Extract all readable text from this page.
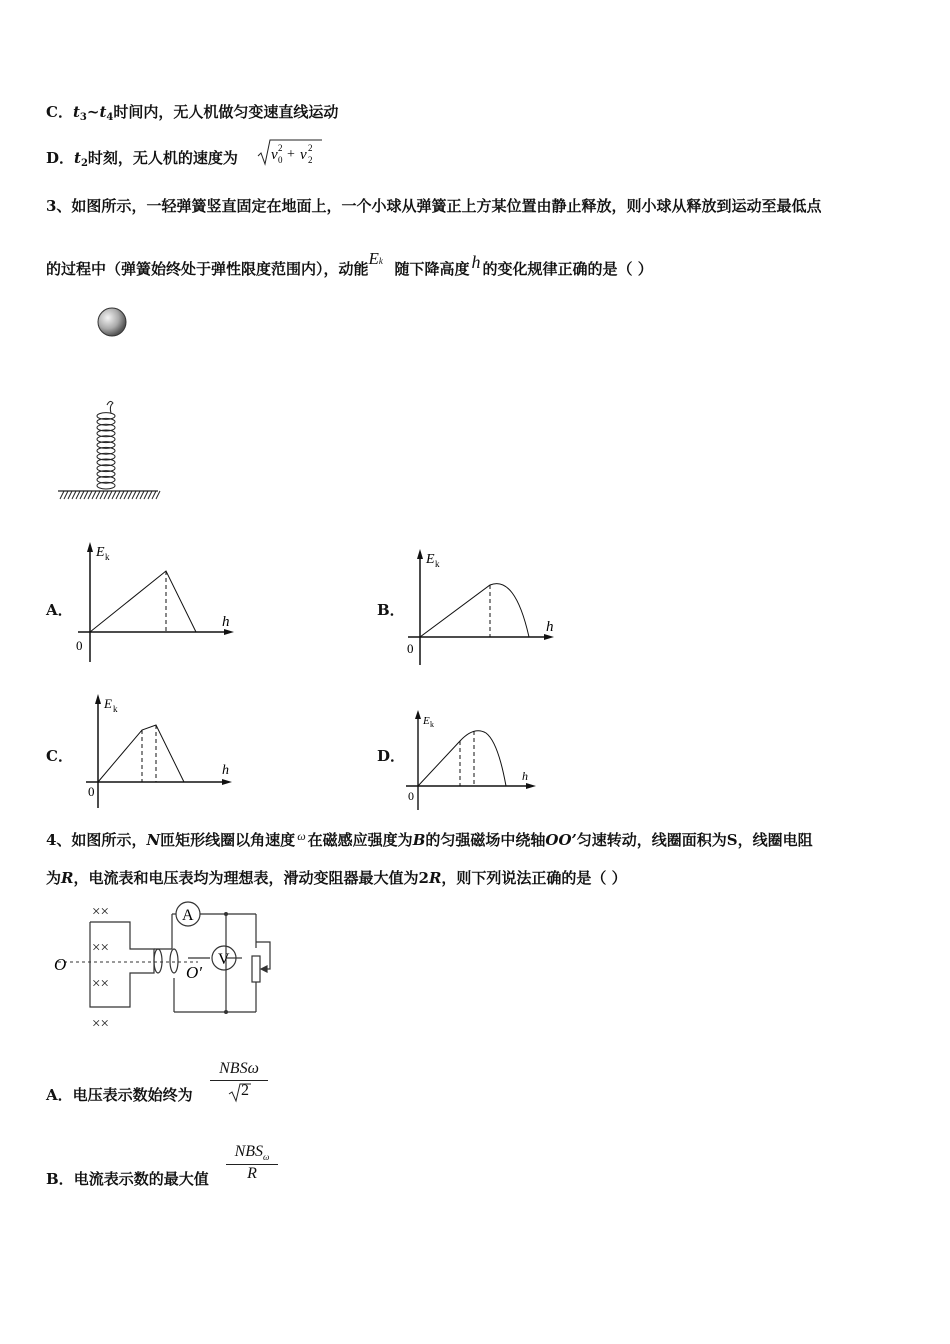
C．$t_3\sim t_4$时间内，无人机做匀变速直线运动
D．$t_2$时刻，无人机的速度为 v 0
2 + v 2
2
3、如图所示，一轻弹簧竖直固定在地面上，一个小球从弹簧正上方某位置由静止释放，则小球从释放到运动至最低点
的过程中（弹簧始终处于弹性限度范围内），动能Ek 随下降高度 h 的变化规律正确的是（ ）
A．
E k
h
0
B．
E k
h
0
C．
E k
h
0
D．
E k
h
0
4、如图所示，N匝矩形线圈以角速度 $^\omega$ 在磁感应强度为B的匀强磁场中绕轴OO’匀速转动，线圈面积为S，线圈电阻
为R，电流表和电压表均为理想表，滑动变阻器最大值为2R，则下列说法正确的是（ ）
××
××
××
××
O	O′
A
V
A．电压表示数始终为
NBSω
2
B．电流表示数的最大值
$NBS_\omega$
R
